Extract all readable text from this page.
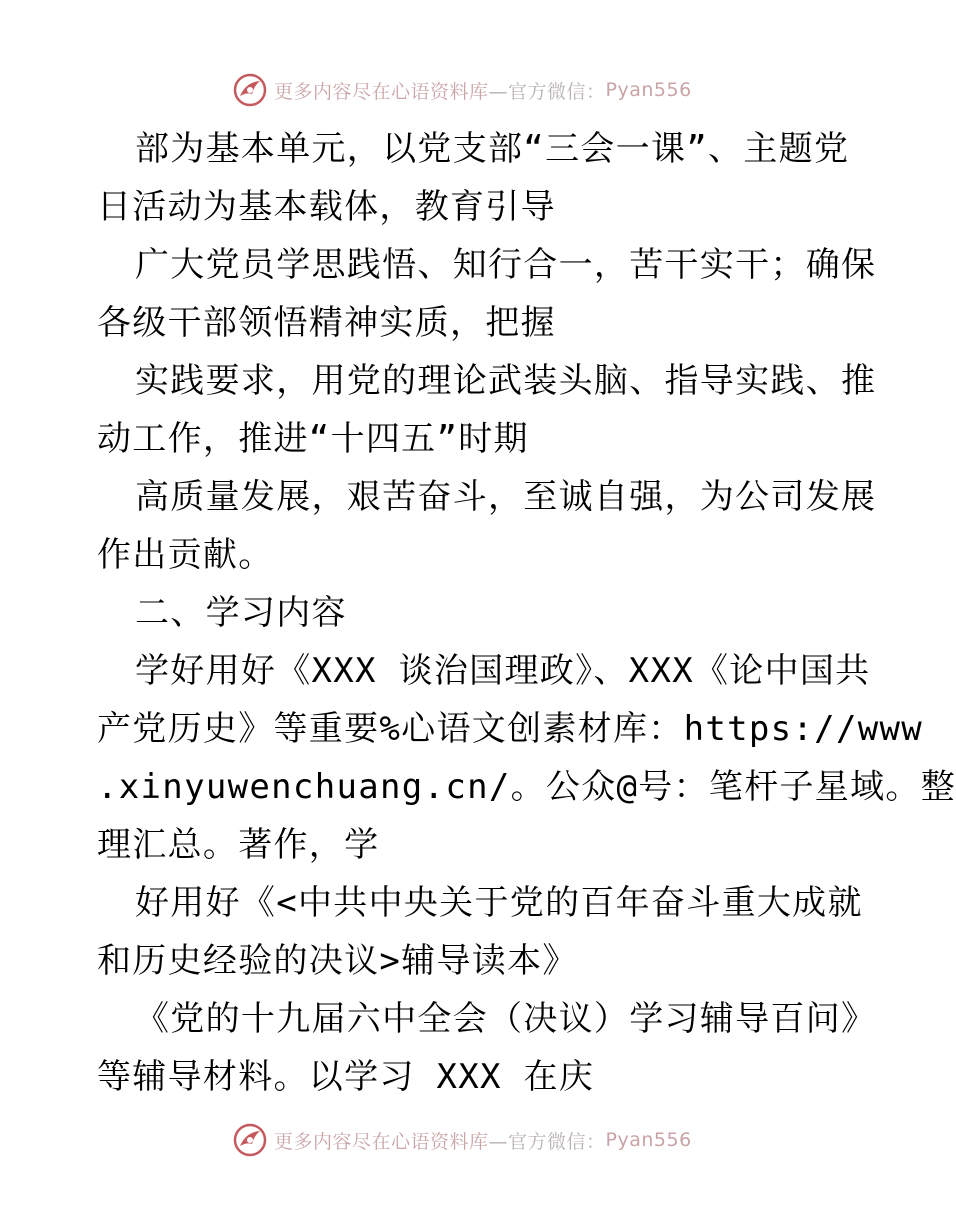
更多内容尽在心语资料库 —官方微信： Pyan556
部为基本单元，以党支部“三会一课”、主题党
日活动为基本载体，教育引导
广大党员学思践悟、知行合一，苦干实干；确保
各级干部领悟精神实质，把握
实践要求，用党的理论武装头脑、指导实践、推
动工作，推进“十四五”时期
高质量发展，艰苦奋斗，至诚自强，为公司发展
作出贡献。
二、学习内容
学好用好《XXX 谈治国理政》、XXX《论中国共
产党历史》等重要%心语文创素材库：https://www
.xinyuwenchuang.cn/。公众@号：笔杆子星域。整
理汇总。著作，学
好用好《<中共中央关于党的百年奋斗重大成就
和历史经验的决议>辅导读本》
《党的十九届六中全会（决议）学习辅导百问》
等辅导材料。以学习 XXX 在庆
更多内容尽在心语资料库 —官方微信： Pyan556
